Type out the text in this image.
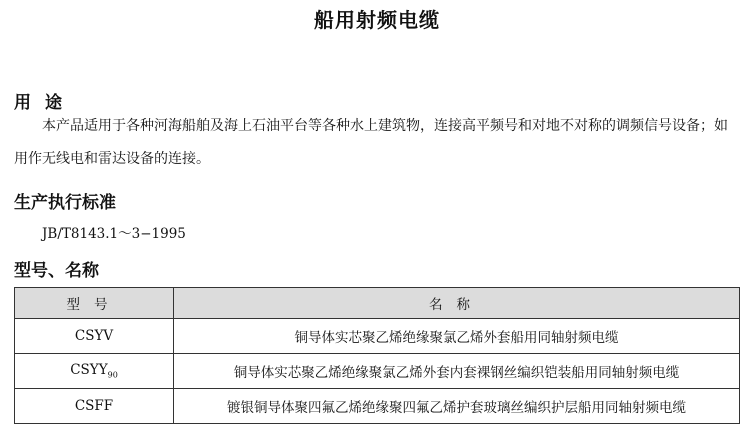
船用射频电缆
用途
本产品适用于各种河海船舶及海上石油平台等各种水上建筑物，连接高平频号和对地不对称的调频信号设备；如用作无线电和雷达设备的连接。
生产执行标准
JB/T8143.1～3−1995
型号、名称
型号	名称
CSYV	铜导体实芯聚乙烯绝缘聚氯乙烯外套船用同轴射频电缆
$CSYY_{90}$	铜导体实芯聚乙烯绝缘聚氯乙烯外套内套裸钢丝编织铠装船用同轴射频电缆
CSFF	镀银铜导体聚四氟乙烯绝缘聚四氟乙烯护套玻璃丝编织护层船用同轴射频电缆
